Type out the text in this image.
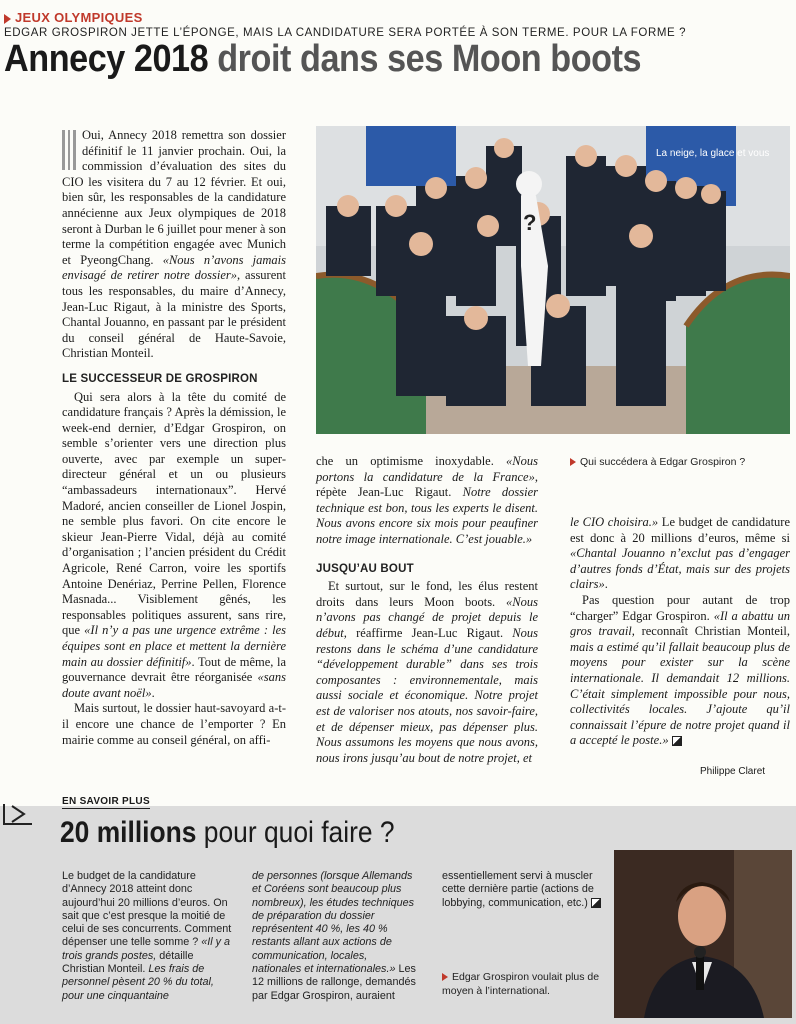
JEUX OLYMPIQUES
EDGAR GROSPIRON JETTE L’ÉPONGE, MAIS LA CANDIDATURE SERA PORTÉE À SON TERME. POUR LA FORME ?
Annecy 2018 droit dans ses Moon boots

Oui, Annecy 2018 remettra son dossier définitif le 11 janvier prochain. Oui, la commission d’évaluation des sites du CIO les visitera du 7 au 12 février. Et oui, bien sûr, les responsables de la candidature annécienne aux Jeux olympiques de 2018 seront à Durban le 6 juillet pour mener à son terme la compétition engagée avec Munich et PyeongChang. «Nous n’avons jamais envisagé de retirer notre dossier», assurent tous les responsables, du maire d’Annecy, Jean-Luc Rigaut, à la ministre des Sports, Chantal Jouanno, en passant par le président du conseil général de Haute-Savoie, Christian Monteil.

LE SUCCESSEUR DE GROSPIRON

Qui sera alors à la tête du comité de candidature français ? Après la démission, le week-end dernier, d’Edgar Grospiron, on semble s’orienter vers une direction plus ouverte, avec par exemple un super-directeur général et un ou plusieurs “ambassadeurs internationaux”. Hervé Madoré, ancien conseiller de Lionel Jospin, ne semble plus favori. On cite encore le skieur Jean-Pierre Vidal, déjà au comité d’organisation ; l’ancien président du Crédit Agricole, René Carron, voire les sportifs Antoine Denériaz, Perrine Pellen, Florence Masnada... Visiblement gênés, les responsables politiques assurent, sans rire, que «Il n’y a pas une urgence extrême : les équipes sont en place et mettent la dernière main au dossier définitif». Tout de même, la gouvernance devrait être réorganisée «sans doute avant noël».

Mais surtout, le dossier haut-savoyard a-t-il encore une chance de l’emporter ? En mairie comme au conseil général, on affi-

La neige, la glace et vous
?

che un optimisme inoxydable. «Nous portons la candidature de la France», répète Jean-Luc Rigaut. Notre dossier technique est bon, tous les experts le disent. Nous avons encore six mois pour peaufiner notre image internationale. C’est jouable.»

JUSQU’AU BOUT

Et surtout, sur le fond, les élus restent droits dans leurs Moon boots. «Nous n’avons pas changé de projet depuis le début, réaffirme Jean-Luc Rigaut. Nous restons dans le schéma d’une candidature “développement durable” dans ses trois composantes : environnementale, mais aussi sociale et économique. Notre projet est de valoriser nos atouts, nos savoir-faire, et de dépenser mieux, pas dépenser plus. Nous assumons les moyens que nous avons, nous irons jusqu’au bout de notre projet, et

Qui succédera à Edgar Grospiron ?

le CIO choisira.» Le budget de candidature est donc à 20 millions d’euros, même si «Chantal Jouanno n’exclut pas d’engager d’autres fonds d’État, mais sur des projets clairs».

Pas question pour autant de trop “charger” Edgar Grospiron. «Il a abattu un gros travail, reconnaît Christian Monteil, mais a estimé qu’il fallait beaucoup plus de moyens pour exister sur la scène internationale. Il demandait 12 millions. C’était simplement impossible pour nous, collectivités locales. J’ajoute qu’il connaissait l’épure de notre projet quand il a accepté le poste.»

Philippe Claret
EN SAVOIR PLUS
20 millions pour quoi faire ?
Le budget de la candidature d’Annecy 2018 atteint donc aujourd’hui 20 millions d’euros. On sait que c’est presque la moitié de celui de ses concurrents. Comment dépenser une telle somme ? «Il y a trois grands postes, détaille Christian Monteil. Les frais de personnel pèsent 20 % du total, pour une cinquantaine
de personnes (lorsque Allemands et Coréens sont beaucoup plus nombreux), les études techniques de préparation du dossier représentent 40 %, les 40 % restants allant aux actions de communication, locales, nationales et internationales.» Les 12 millions de rallonge, demandés par Edgar Grospiron, auraient
essentiellement servi à muscler cette dernière partie (actions de lobbying, communication, etc.)
Edgar Grospiron voulait plus de moyen à l’international.
